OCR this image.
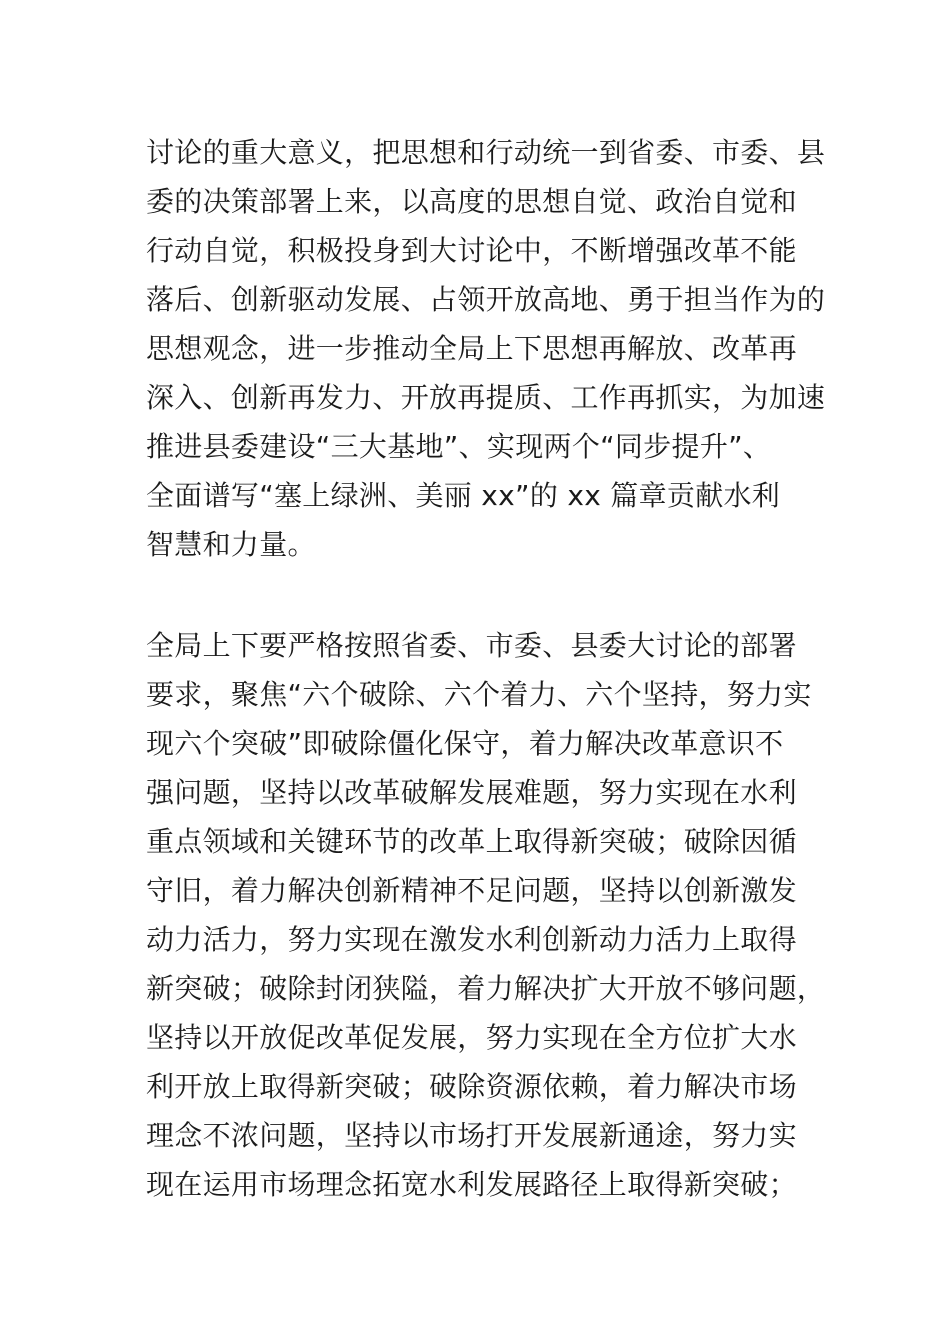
讨论的重大意义，把思想和行动统一到省委、市委、县
委的决策部署上来，以高度的思想自觉、政治自觉和
行动自觉，积极投身到大讨论中，不断增强改革不能
落后、创新驱动发展、占领开放高地、勇于担当作为的
思想观念，进一步推动全局上下思想再解放、改革再
深入、创新再发力、开放再提质、工作再抓实，为加速
推进县委建设“三大基地”、实现两个“同步提升”、
全面谱写“塞上绿洲、美丽 xx”的 xx 篇章贡献水利
智慧和力量。
全局上下要严格按照省委、市委、县委大讨论的部署
要求，聚焦“六个破除、六个着力、六个坚持，努力实
现六个突破”即破除僵化保守，着力解决改革意识不
强问题，坚持以改革破解发展难题，努力实现在水利
重点领域和关键环节的改革上取得新突破；破除因循
守旧，着力解决创新精神不足问题，坚持以创新激发
动力活力，努力实现在激发水利创新动力活力上取得
新突破；破除封闭狭隘，着力解决扩大开放不够问题，
坚持以开放促改革促发展，努力实现在全方位扩大水
利开放上取得新突破；破除资源依赖，着力解决市场
理念不浓问题，坚持以市场打开发展新通途，努力实
现在运用市场理念拓宽水利发展路径上取得新突破；
